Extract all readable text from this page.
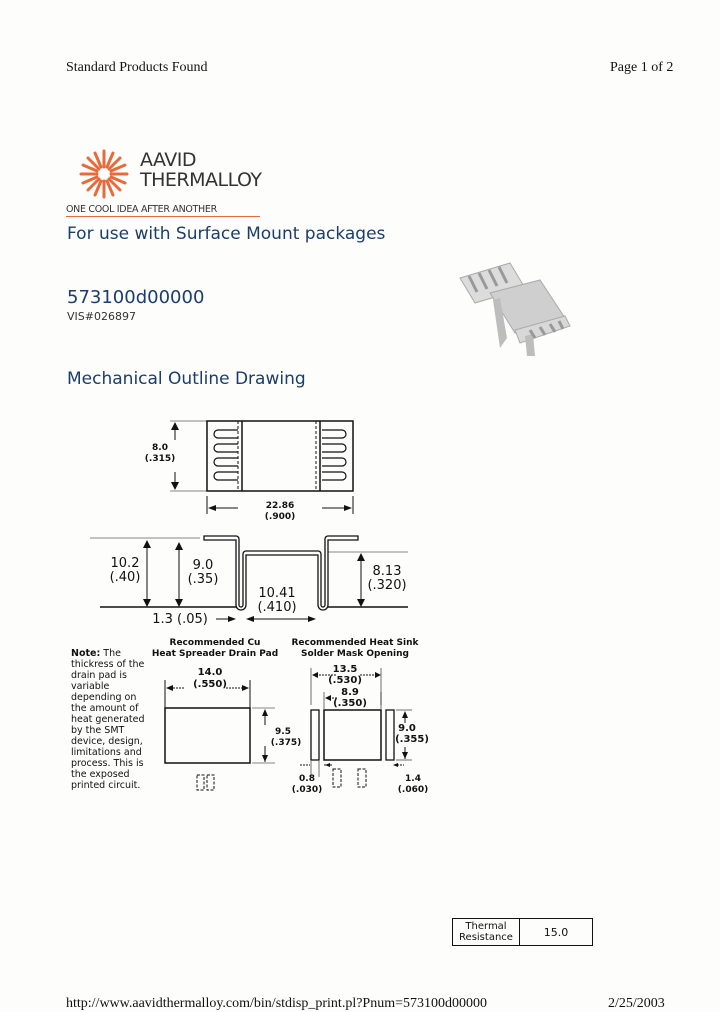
Standard Products Found	Page 1 of 2
AAVID
THERMALLOY
ONE COOL IDEA AFTER ANOTHER
For use with Surface Mount packages
573100d00000
VIS#026897
Mechanical Outline Drawing
8.0
(.315)
22.86
(.900)
10.2
(.40)
9.0
(.35)
8.13
(.320)
10.41
(.410)
1.3 (.05)
Note: The thickress of the drain pad is variable depending on the amount of heat generated by the SMT device, design, limitations and process. This is the exposed printed circuit.
Recommended Cu
Heat Spreader Drain Pad
14.0
(.550)
9.5
(.375)
Recommended Heat Sink
Solder Mask Opening
13.5
(.530)
8.9
(.350)
9.0
(.355)
0.8
(.030)
1.4
(.060)
Thermal
Resistance	15.0
http://www.aavidthermalloy.com/bin/stdisp_print.pl?Pnum=573100d00000	2/25/2003
